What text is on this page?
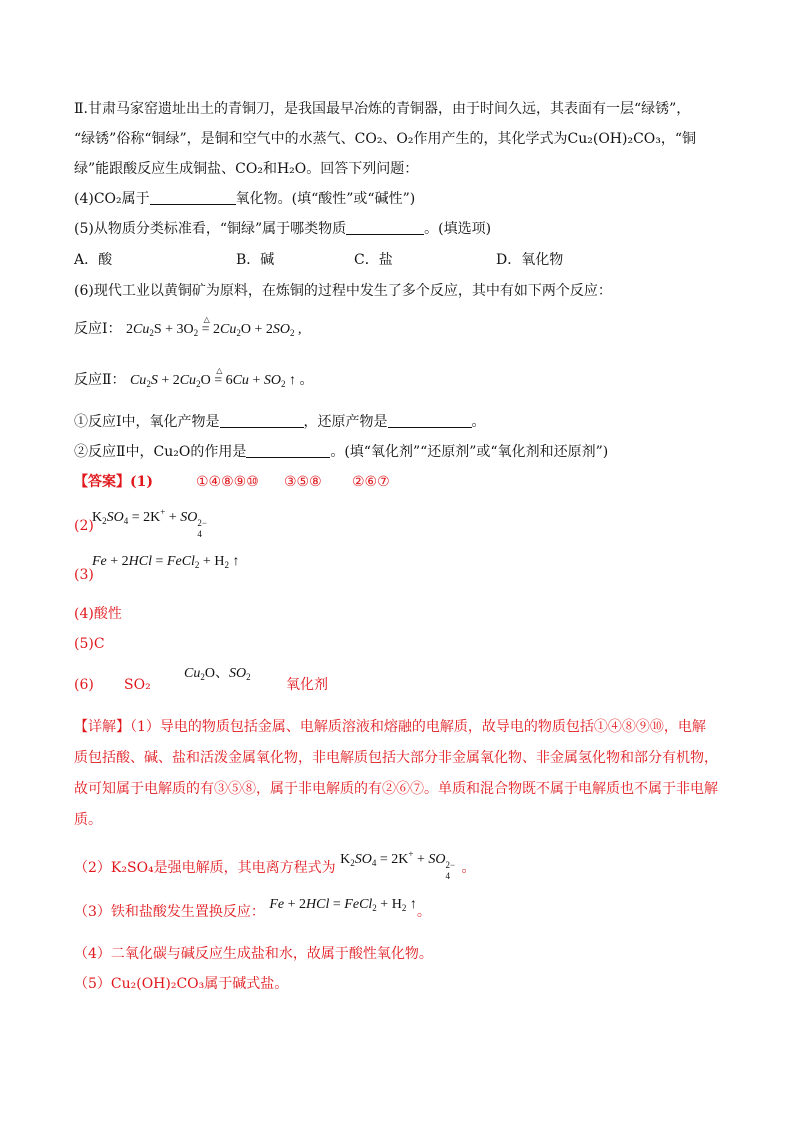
Ⅱ.甘肃马家窑遗址出土的青铜刀，是我国最早冶炼的青铜器，由于时间久远，其表面有一层“绿锈”，
“绿锈”俗称“铜绿”，是铜和空气中的水蒸气、CO₂、O₂作用产生的，其化学式为Cu₂(OH)₂CO₃，“铜
绿”能跟酸反应生成铜盐、CO₂和H₂O。回答下列问题：
(4)CO₂属于	氧化物。(填“酸性”或“碱性”)
(5)从物质分类标准看，“铜绿”属于哪类物质	。(填选项)
A．酸	B．碱	C．盐	D．氧化物
(6)现代工业以黄铜矿为原料，在炼铜的过程中发生了多个反应，其中有如下两个反应：
反应Ⅰ： $2Cu_2S + 3O_2$ =
△
$2Cu_2O + 2SO_2$ ,
反应Ⅱ： $Cu_2S + 2Cu_2O$ =
△
$6Cu + SO_2$ ↑ 。
①反应Ⅰ中，氧化产物是	，还原产物是	。
②反应Ⅱ中，Cu₂O的作用是	。(填“氧化剂”“还原剂”或“氧化剂和还原剂”)
【答案】(1)	①④⑧⑨⑩ ③⑤⑧ ②⑥⑦
(2)
$K_2SO_4 = 2K^+$ + SO 2−
4
(3)
Fe + 2HCl = FeCl$_2$ + $H_2$ ↑
(4)酸性
(5)C
(6) SO₂	氧化剂
$Cu_2O$、$SO_2$
【详解】（1）导电的物质包括金属、电解质溶液和熔融的电解质，故导电的物质包括①④⑧⑨⑩，电解
质包括酸、碱、盐和活泼金属氧化物，非电解质包括大部分非金属氧化物、非金属氢化物和部分有机物，
故可知属于电解质的有③⑤⑧，属于非电解质的有②⑥⑦。单质和混合物既不属于电解质也不属于非电解
质。
（2）K₂SO₄是强电解质，其电离方程式为 $K_2SO_4 = 2K^+$ + SO 2−
4 。
（3）铁和盐酸发生置换反应： Fe + 2HCl = FeCl$_2$ + $H_2$ ↑。
（4）二氧化碳与碱反应生成盐和水，故属于酸性氧化物。
（5）Cu₂(OH)₂CO₃属于碱式盐。
